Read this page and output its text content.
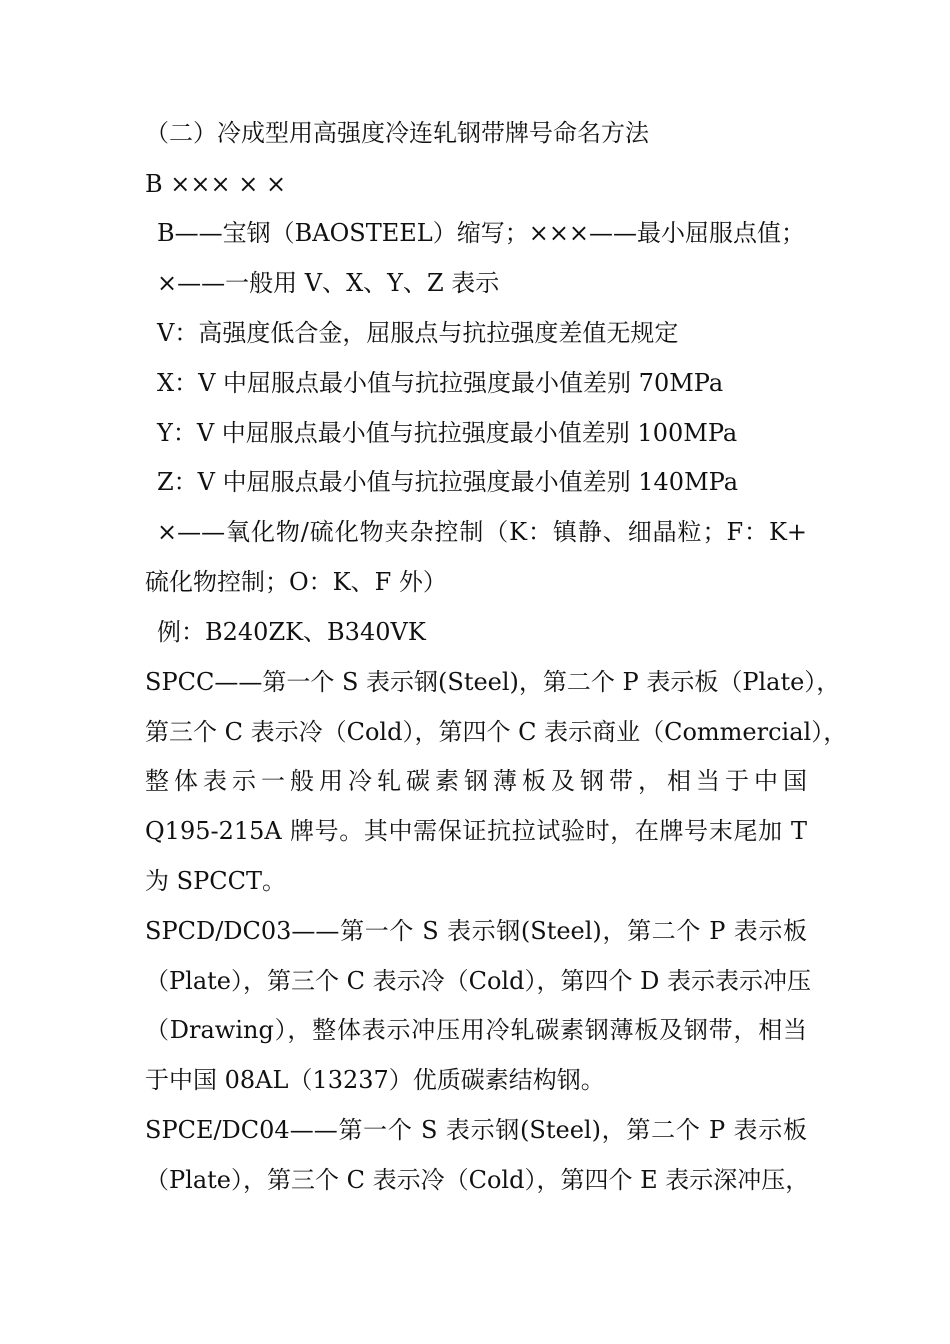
（二）冷成型用高强度冷连轧钢带牌号命名方法
B ××× × ×
B——宝钢（BAOSTEEL）缩写；×××——最小屈服点值；
×——一般用 V、X、Y、Z 表示
V：高强度低合金，屈服点与抗拉强度差值无规定
X：V 中屈服点最小值与抗拉强度最小值差别 70MPa
Y：V 中屈服点最小值与抗拉强度最小值差别 100MPa
Z：V 中屈服点最小值与抗拉强度最小值差别 140MPa
×——氧化物/硫化物夹杂控制（K：镇静、细晶粒；F：K+
硫化物控制；O：K、F 外）
例：B240ZK、B340VK
SPCC——第一个 S 表示钢(Steel)，第二个 P 表示板（Plate），
第三个 C 表示冷（Cold），第四个 C 表示商业（Commercial），
整体表示一般用冷轧碳素钢薄板及钢带，相当于中国
Q195-215A 牌号。其中需保证抗拉试验时，在牌号末尾加 T
为 SPCCT。
SPCD/DC03——第一个 S 表示钢(Steel)，第二个 P 表示板
（Plate），第三个 C 表示冷（Cold），第四个 D 表示表示冲压
（Drawing），整体表示冲压用冷轧碳素钢薄板及钢带，相当
于中国 08AL（13237）优质碳素结构钢。
SPCE/DC04——第一个 S 表示钢(Steel)，第二个 P 表示板
（Plate），第三个 C 表示冷（Cold），第四个 E 表示深冲压，
